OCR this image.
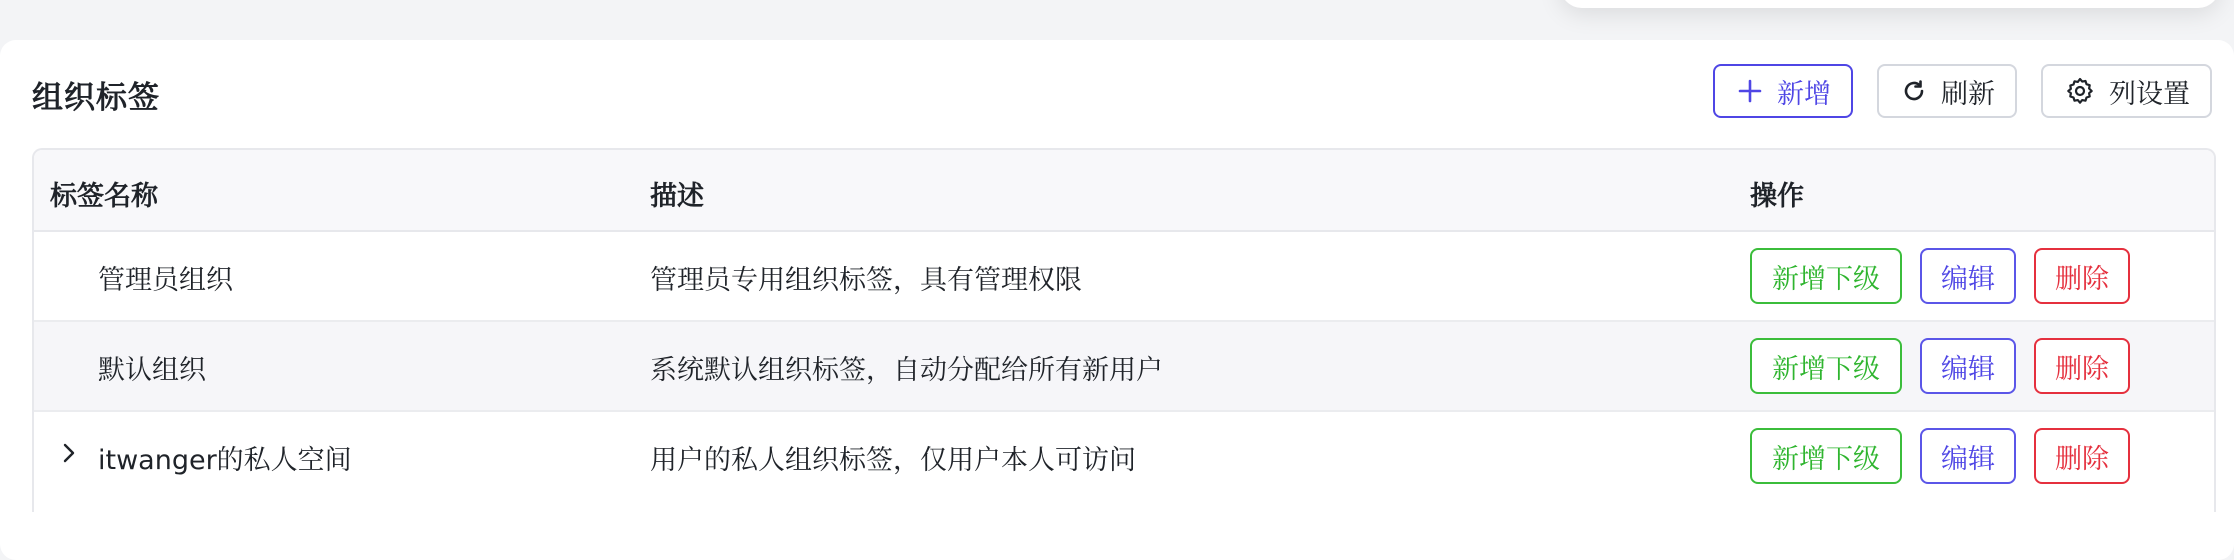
组织标签	新增	刷新	列设置
标签名称	描述	操作
管理员组织	管理员专用组织标签，具有管理权限	新增下级	编辑	删除
默认组织	系统默认组织标签，自动分配给所有新用户	新增下级	编辑	删除
itwanger的私人空间	用户的私人组织标签，仅用户本人可访问	新增下级	编辑	删除
